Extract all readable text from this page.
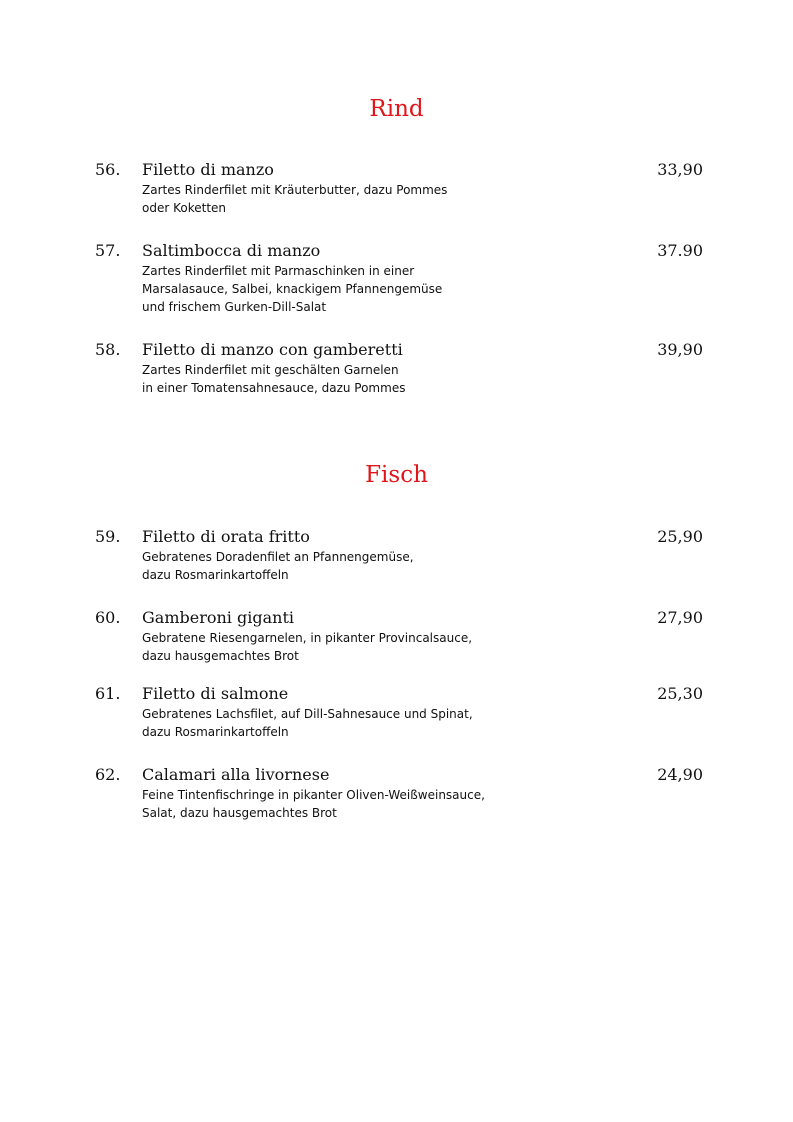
Rind
56. Filetto di manzo	33,90
Zartes Rinderfilet mit Kräuterbutter, dazu Pommes
oder Koketten
57. Saltimbocca di manzo	37.90
Zartes Rinderfilet mit Parmaschinken in einer
Marsalasauce, Salbei, knackigem Pfannengemüse
und frischem Gurken-Dill-Salat
58. Filetto di manzo con gamberetti	39,90
Zartes Rinderfilet mit geschälten Garnelen
in einer Tomatensahnesauce, dazu Pommes
Fisch
59. Filetto di orata fritto	25,90
Gebratenes Doradenfilet an Pfannengemüse,
dazu Rosmarinkartoffeln
60. Gamberoni giganti	27,90
Gebratene Riesengarnelen, in pikanter Provincalsauce,
dazu hausgemachtes Brot
61. Filetto di salmone	25,30
Gebratenes Lachsfilet, auf Dill-Sahnesauce und Spinat,
dazu Rosmarinkartoffeln
62. Calamari alla livornese	24,90
Feine Tintenfischringe in pikanter Oliven-Weißweinsauce,
Salat, dazu hausgemachtes Brot
